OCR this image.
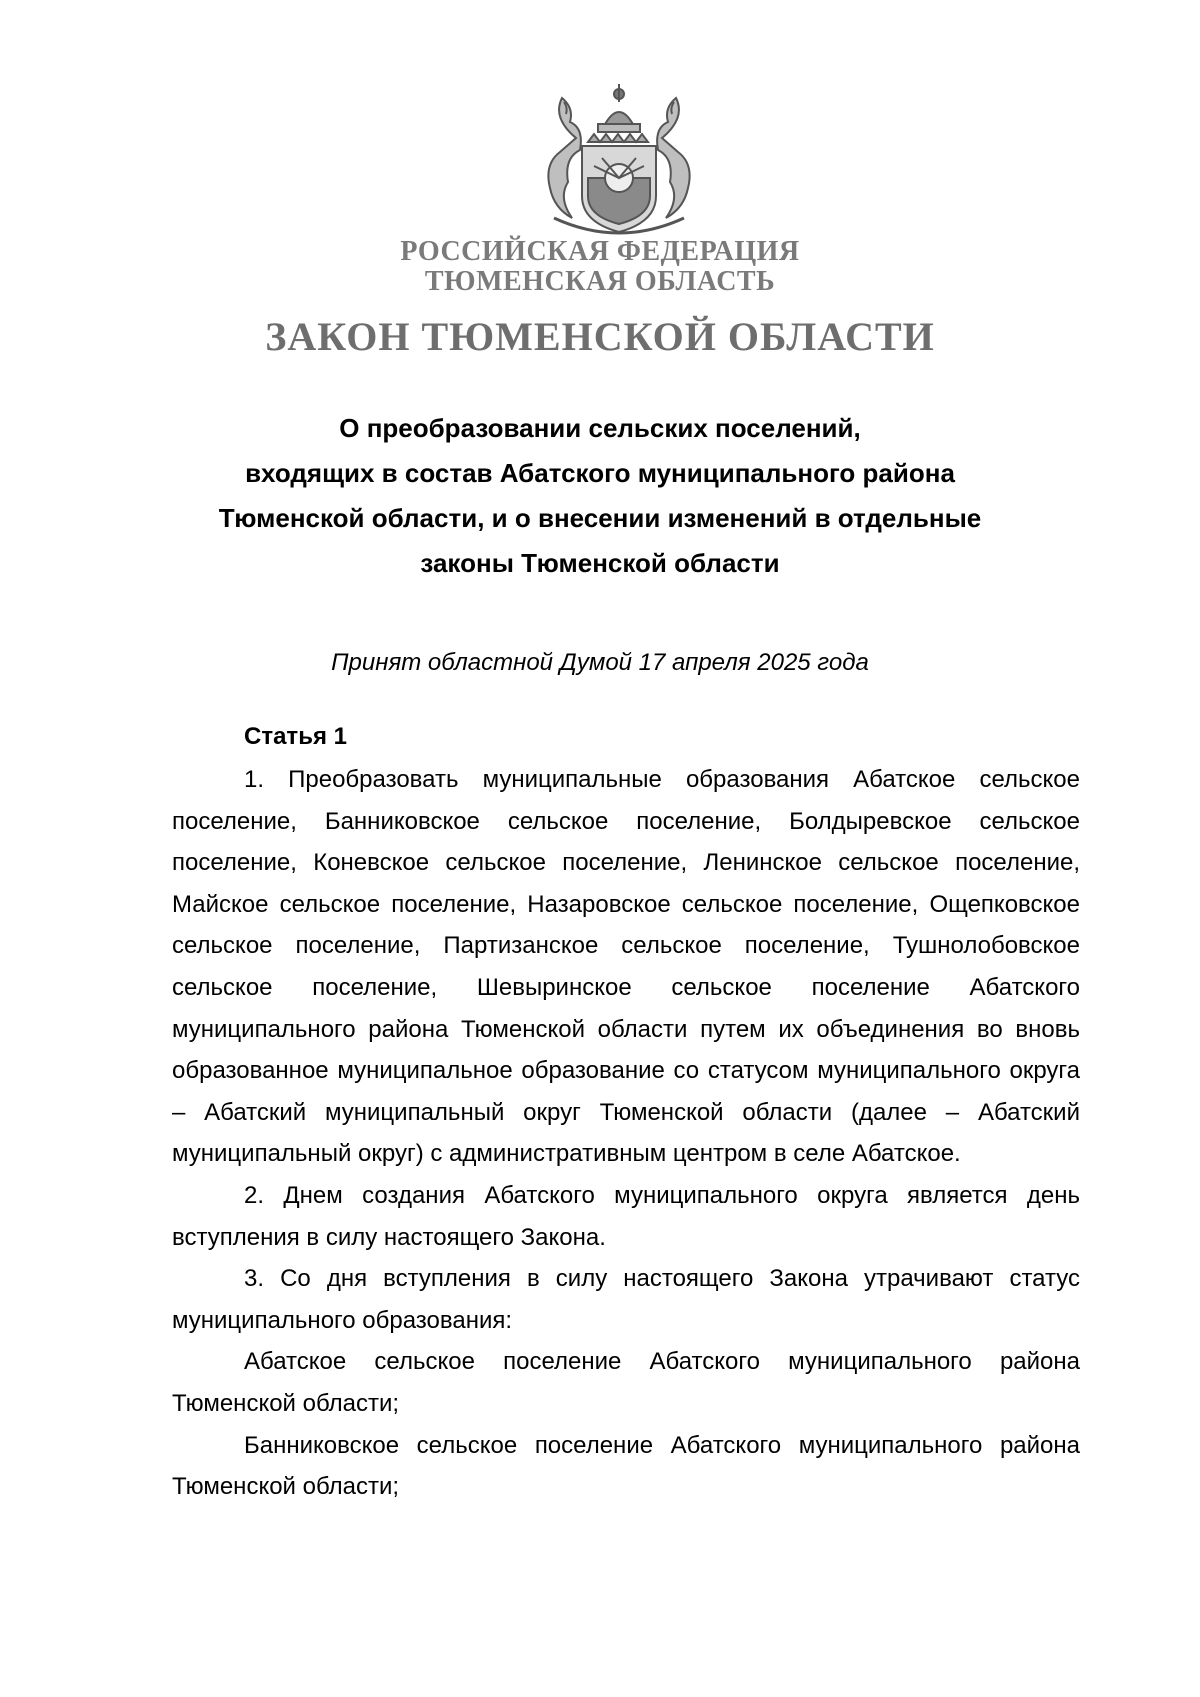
РОССИЙСКАЯ ФЕДЕРАЦИЯ

ТЮМЕНСКАЯ ОБЛАСТЬ

ЗАКОН ТЮМЕНСКОЙ ОБЛАСТИ

О преобразовании сельских поселений,
входящих в состав Абатского муниципального района
Тюменской области, и о внесении изменений в отдельные
законы Тюменской области

Принят областной Думой 17 апреля 2025 года

Статья 1

1. Преобразовать муниципальные образования Абатское сельское поселение, Банниковское сельское поселение, Болдыревское сельское поселение, Коневское сельское поселение, Ленинское сельское поселение, Майское сельское поселение, Назаровское сельское поселение, Ощепковское сельское поселение, Партизанское сельское поселение, Тушнолобовское сельское поселение, Шевыринское сельское поселение Абатского муниципального района Тюменской области путем их объединения во вновь образованное муниципальное образование со статусом муниципального округа – Абатский муниципальный округ Тюменской области (далее – Абатский муниципальный округ) с административным центром в селе Абатское.

2. Днем создания Абатского муниципального округа является день вступления в силу настоящего Закона.

3. Со дня вступления в силу настоящего Закона утрачивают статус муниципального образования:

Абатское сельское поселение Абатского муниципального района Тюменской области;

Банниковское сельское поселение Абатского муниципального района Тюменской области;
